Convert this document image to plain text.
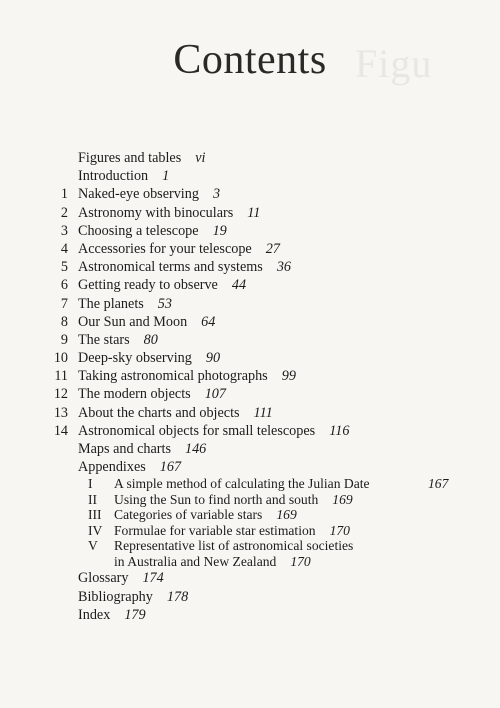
Figu
Contents
Figures and tables vi
Introduction 1
1 Naked-eye observing 3
2 Astronomy with binoculars 11
3 Choosing a telescope 19
4 Accessories for your telescope 27
5 Astronomical terms and systems 36
6 Getting ready to observe 44
7 The planets 53
8 Our Sun and Moon 64
9 The stars 80
10 Deep-sky observing 90
11 Taking astronomical photographs 99
12 The modern objects 107
13 About the charts and objects 111
14 Astronomical objects for small telescopes 116
Maps and charts 146
Appendixes 167
I	A simple method of calculating the Julian Date	167
II	Using the Sun to find north and south 169
III Categories of variable stars 169
IV Formulae for variable star estimation 170
V	Representative list of astronomical societies
in Australia and New Zealand 170
Glossary 174
Bibliography 178
Index 179
